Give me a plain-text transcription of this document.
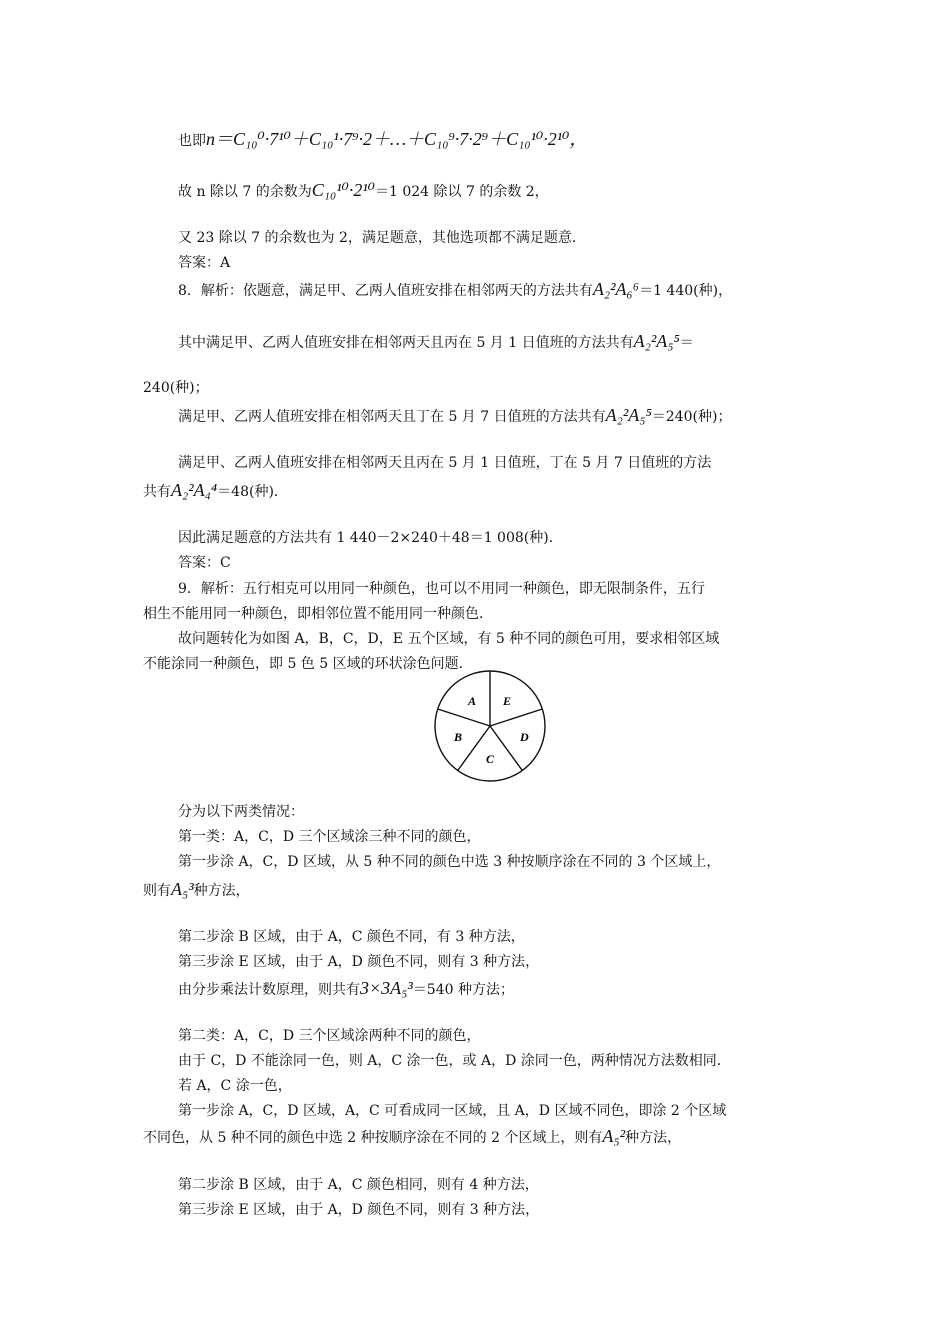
也即n＝C₁₀⁰·7¹⁰＋C₁₀¹·7⁹·2＋…＋C₁₀⁹·7·2⁹＋C₁₀¹⁰·2¹⁰，
故 n 除以 7 的余数为C₁₀¹⁰·2¹⁰＝1 024 除以 7 的余数 2，
又 23 除以 7 的余数也为 2，满足题意，其他选项都不满足题意．
答案：A
8．解析：依题意，满足甲、乙两人值班安排在相邻两天的方法共有A₂²A₆⁶＝1 440(种)，
其中满足甲、乙两人值班安排在相邻两天且丙在 5 月 1 日值班的方法共有A₂²A₅⁵＝
240(种)；
满足甲、乙两人值班安排在相邻两天且丁在 5 月 7 日值班的方法共有A₂²A₅⁵＝240(种)；
满足甲、乙两人值班安排在相邻两天且丙在 5 月 1 日值班，丁在 5 月 7 日值班的方法
共有A₂²A₄⁴＝48(种)．
因此满足题意的方法共有 1 440－2×240＋48＝1 008(种)．
答案：C
9．解析：五行相克可以用同一种颜色，也可以不用同一种颜色，即无限制条件，五行
相生不能用同一种颜色，即相邻位置不能用同一种颜色．
故问题转化为如图 A，B，C，D，E 五个区域，有 5 种不同的颜色可用，要求相邻区域
不能涂同一种颜色，即 5 色 5 区域的环状涂色问题．
A E
D
C
B
分为以下两类情况：
第一类：A，C，D 三个区域涂三种不同的颜色，
第一步涂 A，C，D 区域，从 5 种不同的颜色中选 3 种按顺序涂在不同的 3 个区域上，
则有A₅³种方法，
第二步涂 B 区域，由于 A，C 颜色不同，有 3 种方法，
第三步涂 E 区域，由于 A，D 颜色不同，则有 3 种方法，
由分步乘法计数原理，则共有3×3A₅³＝540 种方法；
第二类：A，C，D 三个区域涂两种不同的颜色，
由于 C，D 不能涂同一色，则 A，C 涂一色，或 A，D 涂同一色，两种情况方法数相同．
若 A，C 涂一色，
第一步涂 A，C，D 区域，A，C 可看成同一区域，且 A，D 区域不同色，即涂 2 个区域
不同色，从 5 种不同的颜色中选 2 种按顺序涂在不同的 2 个区域上，则有A₅²种方法，
第二步涂 B 区域，由于 A，C 颜色相同，则有 4 种方法，
第三步涂 E 区域，由于 A，D 颜色不同，则有 3 种方法，
